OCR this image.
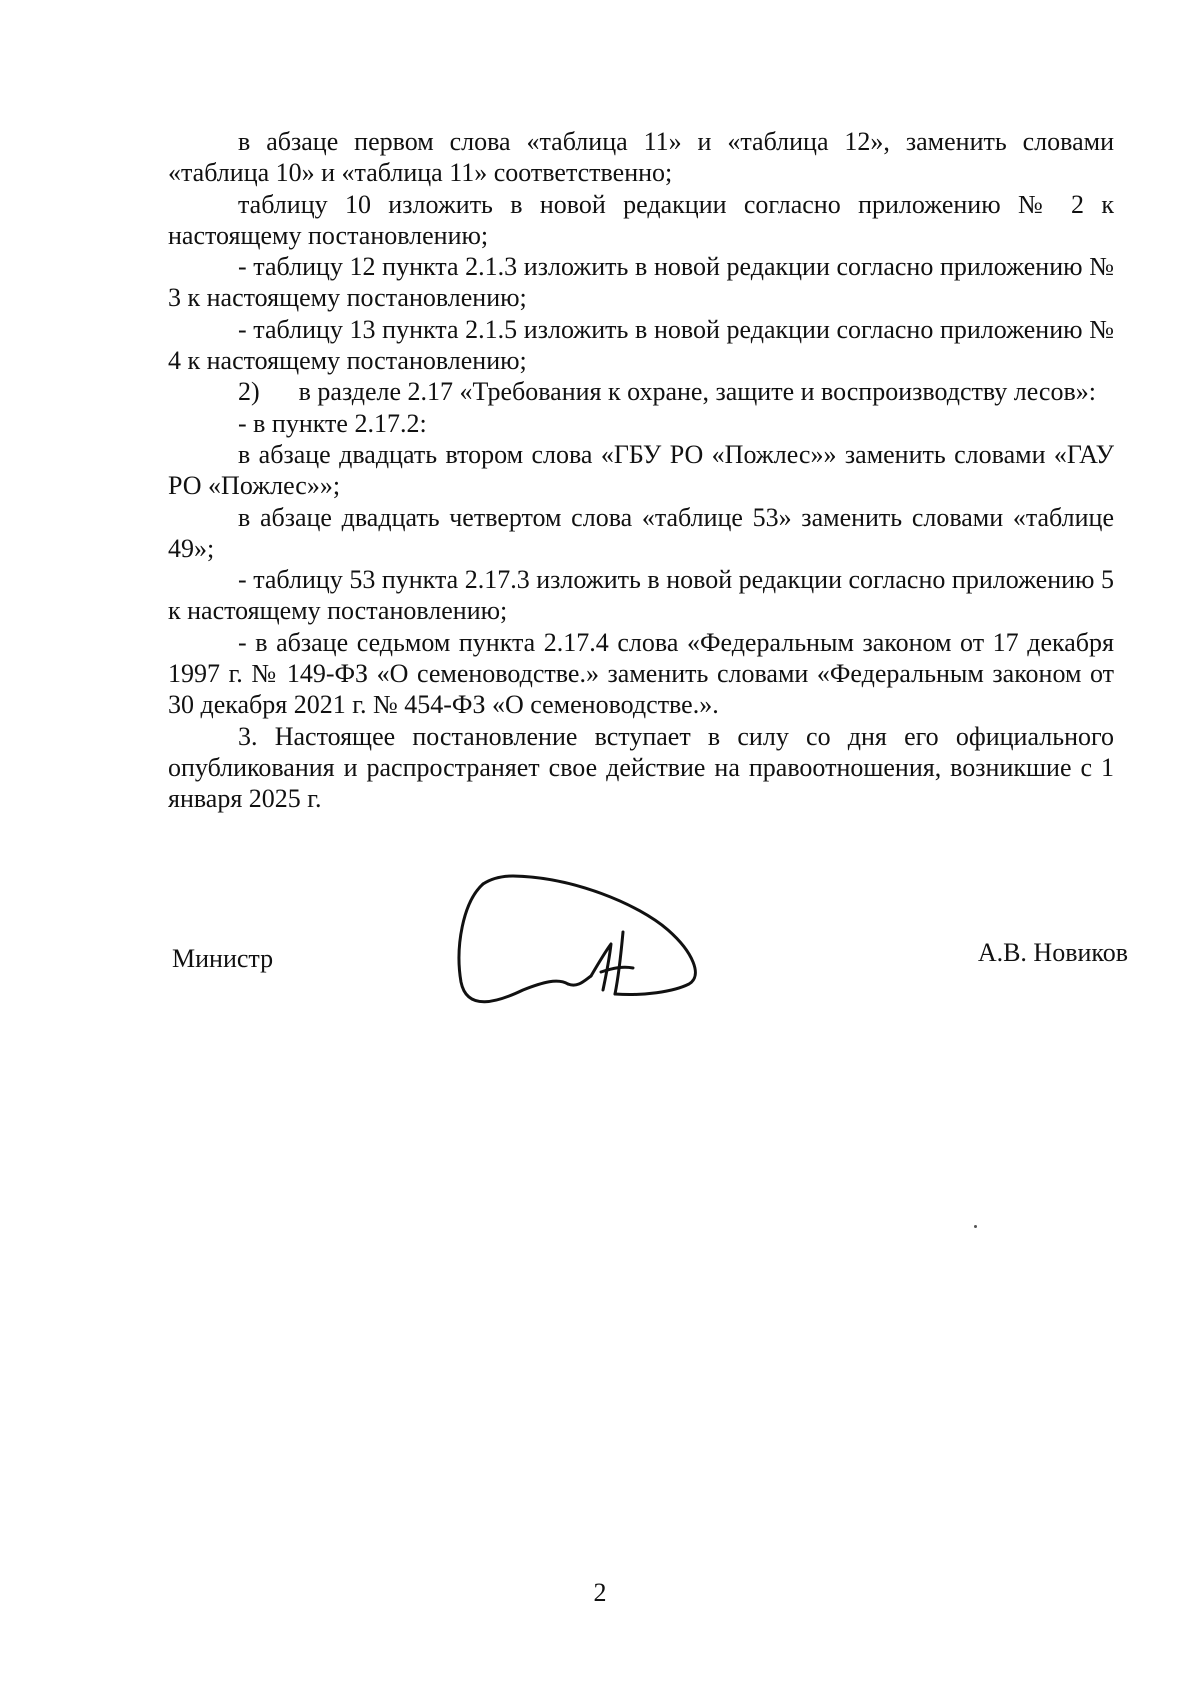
в абзаце первом слова «таблица 11» и «таблица 12», заменить словами «таблица 10» и «таблица 11» соответственно;

таблицу 10 изложить в новой редакции согласно приложению № 2 к настоящему постановлению;

- таблицу 12 пункта 2.1.3 изложить в новой редакции согласно приложению № 3 к настоящему постановлению;

- таблицу 13 пункта 2.1.5 изложить в новой редакции согласно приложению № 4 к настоящему постановлению;

2)      в разделе 2.17 «Требования к охране, защите и воспроизводству лесов»:

- в пункте 2.17.2:

в абзаце двадцать втором слова «ГБУ РО «Пожлес»» заменить словами «ГАУ РО «Пожлес»»;

в абзаце двадцать четвертом слова «таблице 53» заменить словами «таблице 49»;

- таблицу 53 пункта 2.17.3 изложить в новой редакции согласно приложению 5 к настоящему постановлению;

- в абзаце седьмом пункта 2.17.4 слова «Федеральным законом от 17 декабря 1997 г. № 149-ФЗ «О семеноводстве.» заменить словами «Федеральным законом от 30 декабря 2021 г. № 454-ФЗ «О семеноводстве.».

3. Настоящее постановление вступает в силу со дня его официального опубликования и распространяет свое действие на правоотношения, возникшие с 1 января 2025 г.

Министр	А.В. Новиков
2
